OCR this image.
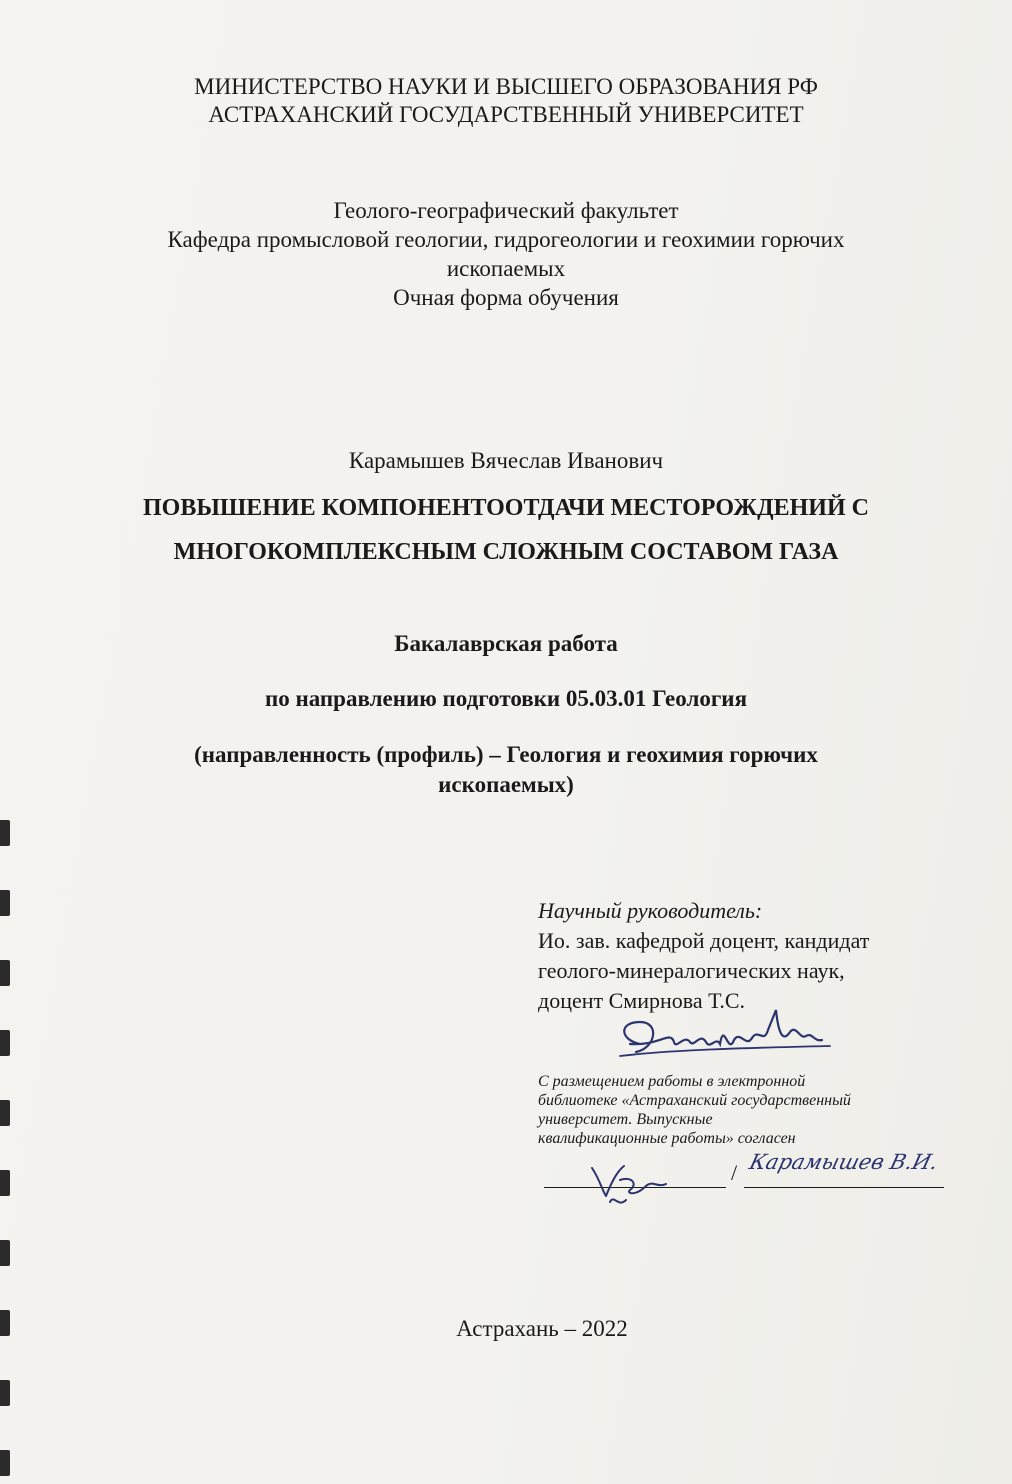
МИНИСТЕРСТВО НАУКИ И ВЫСШЕГО ОБРАЗОВАНИЯ РФ
АСТРАХАНСКИЙ ГОСУДАРСТВЕННЫЙ УНИВЕРСИТЕТ
Геолого-географический факультет
Кафедра промысловой геологии, гидрогеологии и геохимии горючих
ископаемых
Очная форма обучения
Карамышев Вячеслав Иванович
ПОВЫШЕНИЕ КОМПОНЕНТООТДАЧИ МЕСТОРОЖДЕНИЙ С
МНОГОКОМПЛЕКСНЫМ СЛОЖНЫМ СОСТАВОМ ГАЗА
Бакалаврская работа
по направлению подготовки 05.03.01 Геология
(направленность (профиль) – Геология и геохимия горючих
ископаемых)
Научный руководитель:
Ио. зав. кафедрой доцент, кандидат
геолого-минералогических наук,
доцент Смирнова Т.С.
С размещением работы в электронной
библиотеке «Астраханский государственный
университет. Выпускные
квалификационные работы» согласен
/ Карамышев В.И.
Астрахань – 2022
